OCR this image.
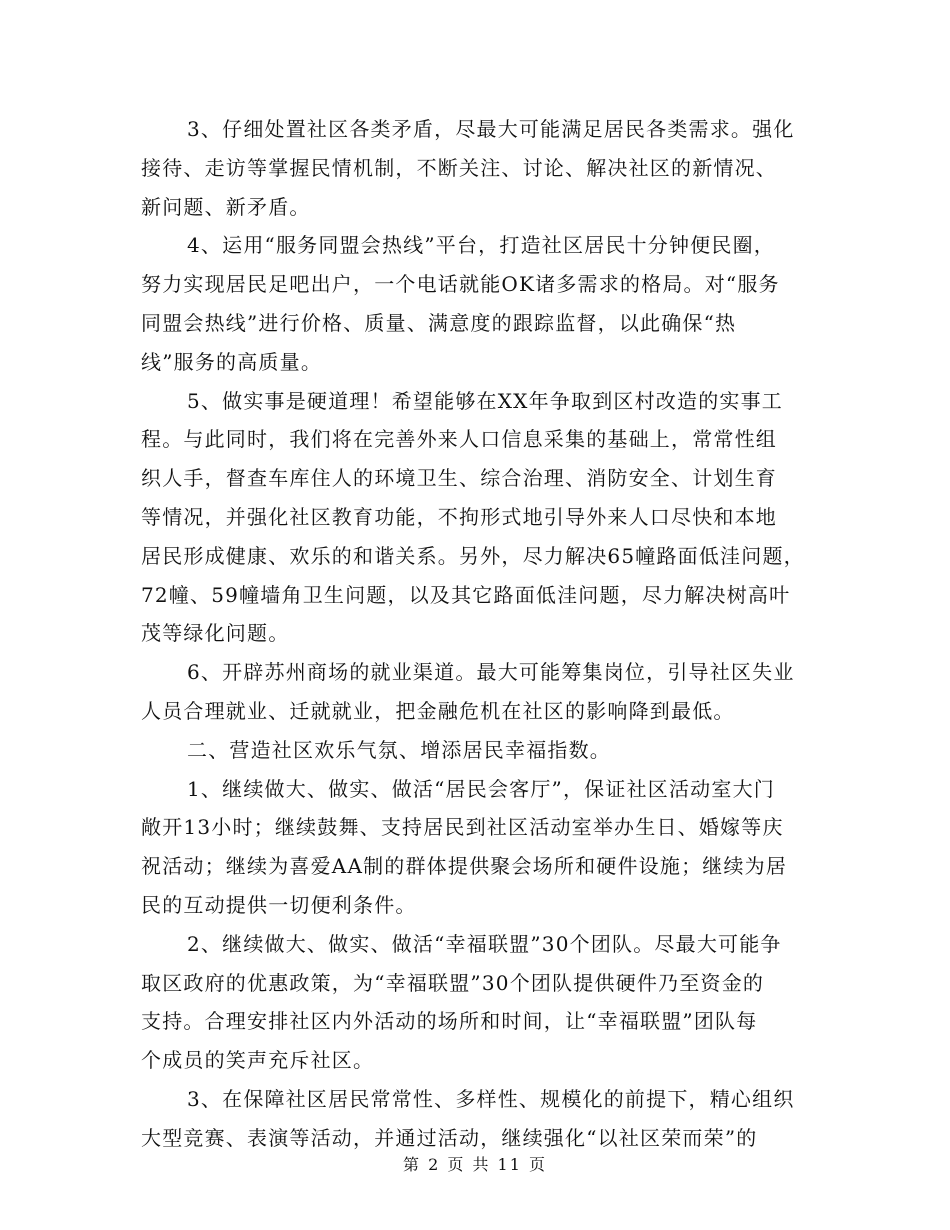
3、仔细处置社区各类矛盾，尽最大可能满足居民各类需求。强化
接待、走访等掌握民情机制，不断关注、讨论、解决社区的新情况、
新问题、新矛盾。
4、运用“服务同盟会热线”平台，打造社区居民十分钟便民圈，
努力实现居民足吧出户，一个电话就能OK诸多需求的格局。对“服务
同盟会热线”进行价格、质量、满意度的跟踪监督，以此确保“热
线”服务的高质量。
5、做实事是硬道理！希望能够在XX年争取到区村改造的实事工
程。与此同时，我们将在完善外来人口信息采集的基础上，常常性组
织人手，督查车库住人的环境卫生、综合治理、消防安全、计划生育
等情况，并强化社区教育功能，不拘形式地引导外来人口尽快和本地
居民形成健康、欢乐的和谐关系。另外，尽力解决65幢路面低洼问题，
72幢、59幢墙角卫生问题，以及其它路面低洼问题，尽力解决树高叶
茂等绿化问题。
6、开辟苏州商场的就业渠道。最大可能筹集岗位，引导社区失业
人员合理就业、迁就就业，把金融危机在社区的影响降到最低。
二、营造社区欢乐气氛、增添居民幸福指数。
1、继续做大、做实、做活“居民会客厅”，保证社区活动室大门
敞开13小时；继续鼓舞、支持居民到社区活动室举办生日、婚嫁等庆
祝活动；继续为喜爱AA制的群体提供聚会场所和硬件设施；继续为居
民的互动提供一切便利条件。
2、继续做大、做实、做活“幸福联盟”30个团队。尽最大可能争
取区政府的优惠政策，为“幸福联盟”30个团队提供硬件乃至资金的
支持。合理安排社区内外活动的场所和时间，让“幸福联盟”团队每
个成员的笑声充斥社区。
3、在保障社区居民常常性、多样性、规模化的前提下，精心组织
大型竞赛、表演等活动，并通过活动，继续强化“以社区荣而荣”的
第 2 页 共 11 页
